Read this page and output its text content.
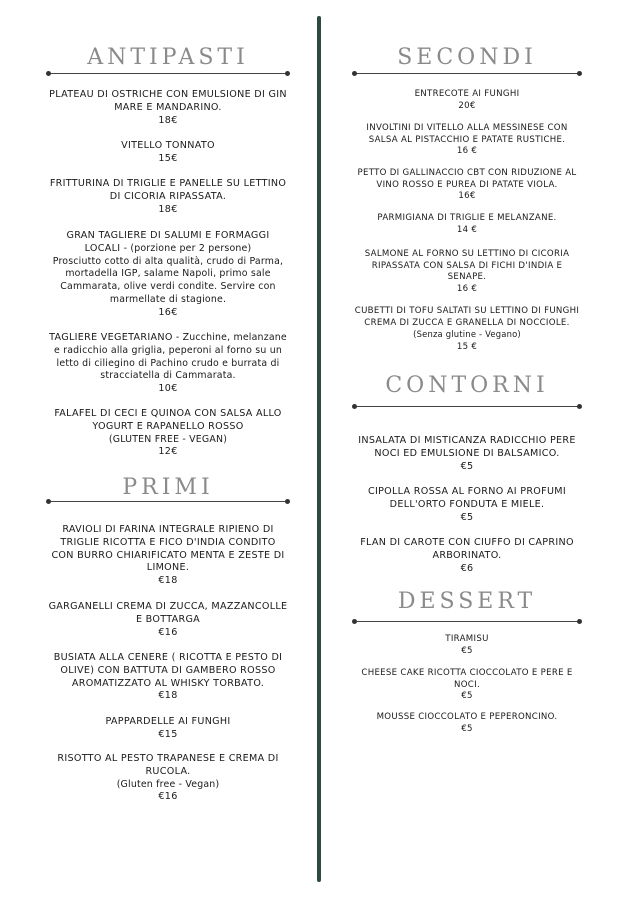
ANTIPASTI
PLATEAU DI OSTRICHE CON EMULSIONE DI GIN MARE E MANDARINO.
18€
VITELLO TONNATO
15€
FRITTURINA DI TRIGLIE E PANELLE SU LETTINO DI CICORIA RIPASSATA.
18€
GRAN TAGLIERE DI SALUMI E FORMAGGI LOCALI - (porzione per 2 persone)
Prosciutto cotto di alta qualità, crudo di Parma, mortadella IGP, salame Napoli, primo sale Cammarata, olive verdi condite. Servire con marmellate di stagione.
16€
TAGLIERE VEGETARIANO - Zucchine, melanzane e radicchio alla griglia, peperoni al forno su un letto di ciliegino di Pachino crudo e burrata di stracciatella di Cammarata.
10€
FALAFEL DI CECI E QUINOA CON SALSA ALLO YOGURT E RAPANELLO ROSSO
(GLUTEN FREE - VEGAN)
12€
PRIMI
RAVIOLI DI FARINA INTEGRALE RIPIENO DI TRIGLIE RICOTTA E FICO D'INDIA CONDITO CON BURRO CHIARIFICATO MENTA E ZESTE DI LIMONE.
€18
GARGANELLI CREMA DI ZUCCA, MAZZANCOLLE E BOTTARGA
€16
BUSIATA ALLA CENERE ( RICOTTA E PESTO DI OLIVE) CON BATTUTA DI GAMBERO ROSSO AROMATIZZATO AL WHISKY TORBATO.
€18
PAPPARDELLE AI FUNGHI
€15
RISOTTO AL PESTO TRAPANESE E CREMA DI RUCOLA.
(Gluten free - Vegan)
€16
SECONDI
ENTRECOTE AI FUNGHI
20€
INVOLTINI DI VITELLO ALLA MESSINESE CON SALSA AL PISTACCHIO E PATATE RUSTICHE.
16 €
PETTO DI GALLINACCIO CBT CON RIDUZIONE AL VINO ROSSO E PUREA DI PATATE VIOLA.
16€
PARMIGIANA DI TRIGLIE E MELANZANE.
14 €
SALMONE AL FORNO SU LETTINO DI CICORIA RIPASSATA CON SALSA DI FICHI D'INDIA E SENAPE.
16 €
CUBETTI DI TOFU SALTATI SU LETTINO DI FUNGHI CREMA DI ZUCCA E GRANELLA DI NOCCIOLE.
(Senza glutine - Vegano)
15 €
CONTORNI
INSALATA DI MISTICANZA RADICCHIO PERE NOCI ED EMULSIONE DI BALSAMICO.
€5
CIPOLLA ROSSA AL FORNO AI PROFUMI DELL'ORTO FONDUTA E MIELE.
€5
FLAN DI CAROTE CON CIUFFO DI CAPRINO ARBORINATO.
€6
DESSERT
TIRAMISU
€5
CHEESE CAKE RICOTTA CIOCCOLATO E PERE E NOCI.
€5
MOUSSE CIOCCOLATO E PEPERONCINO.
€5
